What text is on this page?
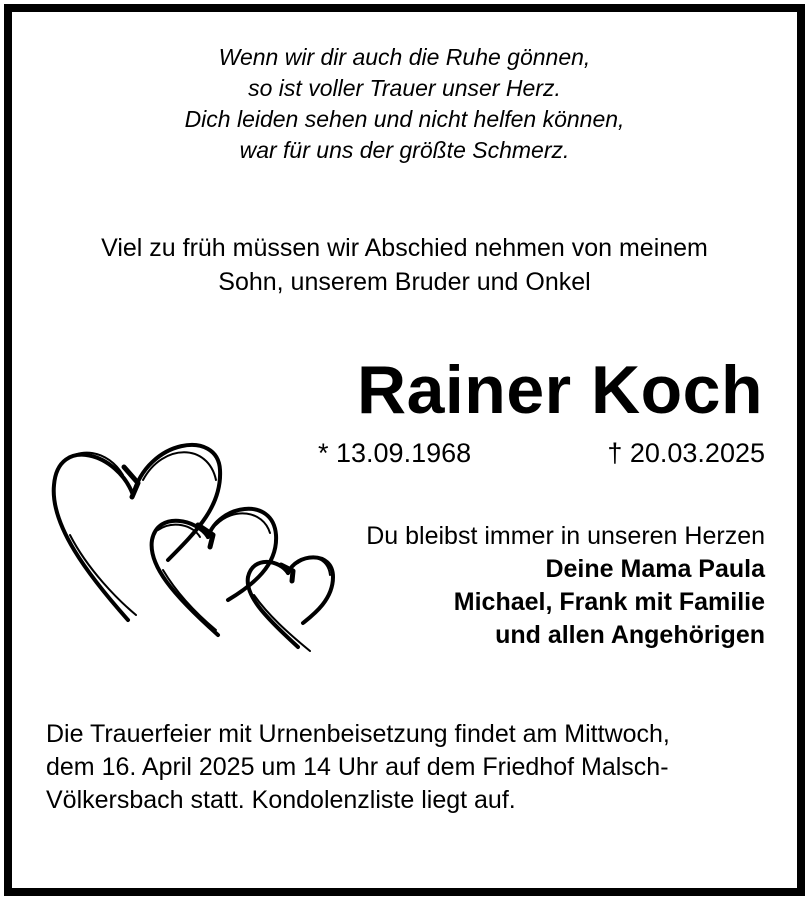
Wenn wir dir auch die Ruhe gönnen,
so ist voller Trauer unser Herz.
Dich leiden sehen und nicht helfen können,
war für uns der größte Schmerz.
Viel zu früh müssen wir Abschied nehmen von meinem
Sohn, unserem Bruder und Onkel
Rainer Koch
* 13.09.1968	† 20.03.2025
Du bleibst immer in unseren Herzen
Deine Mama Paula
Michael, Frank mit Familie
und allen Angehörigen
Die Trauerfeier mit Urnenbeisetzung findet am Mittwoch,
dem 16. April 2025 um 14 Uhr auf dem Friedhof Malsch-
Völkersbach statt. Kondolenzliste liegt auf.
